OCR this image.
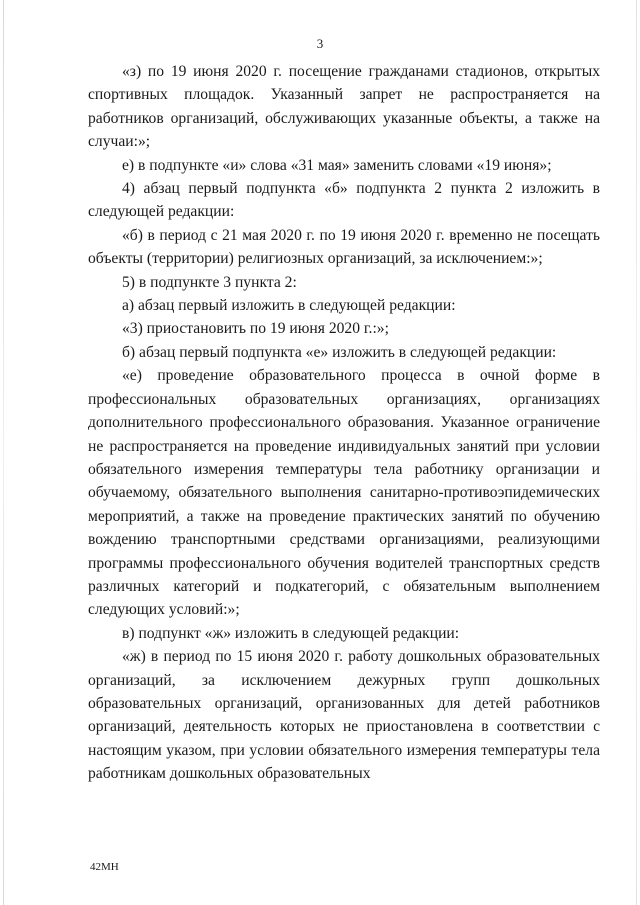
3

«з) по 19 июня 2020 г. посещение гражданами стадионов, открытых спортивных площадок. Указанный запрет не распространяется на работников организаций, обслуживающих указанные объекты, а также на случаи:»;

е) в подпункте «и» слова «31 мая» заменить словами «19 июня»;

4) абзац первый подпункта «б» подпункта 2 пункта 2 изложить в следующей редакции:

«б) в период с 21 мая 2020 г. по 19 июня 2020 г. временно не посещать объекты (территории) религиозных организаций, за исключением:»;

5) в подпункте 3 пункта 2:

а) абзац первый изложить в следующей редакции:

«3) приостановить по 19 июня 2020 г.:»;

б) абзац первый подпункта «е» изложить в следующей редакции:

«е) проведение образовательного процесса в очной форме в профессиональных образовательных организациях, организациях дополнительного профессионального образования. Указанное ограничение не распространяется на проведение индивидуальных занятий при условии обязательного измерения температуры тела работнику организации и обучаемому, обязательного выполнения санитарно-противоэпидемических мероприятий, а также на проведение практических занятий по обучению вождению транспортными средствами организациями, реализующими программы профессионального обучения водителей транспортных средств различных категорий и подкатегорий, с обязательным выполнением следующих условий:»;

в) подпункт «ж» изложить в следующей редакции:

«ж) в период по 15 июня 2020 г. работу дошкольных образовательных организаций, за исключением дежурных групп дошкольных образовательных организаций, организованных для детей работников организаций, деятельность которых не приостановлена в соответствии с настоящим указом, при условии обязательного измерения температуры тела работникам дошкольных образовательных

42МН
